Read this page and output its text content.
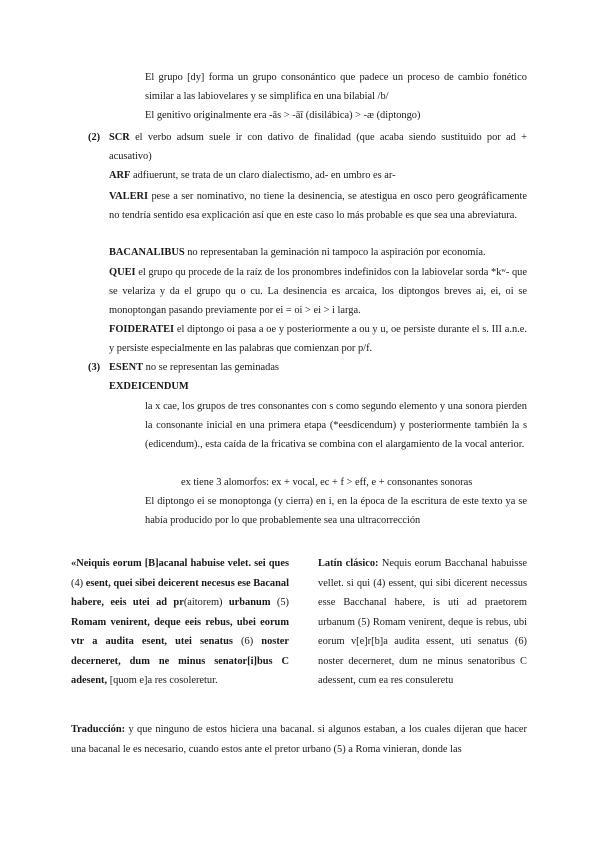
El grupo [dy] forma un grupo consonántico que padece un proceso de cambio fonético similar a las labiovelares y se simplifica en una bilabial /b/

El genitivo originalmente era -ās > -āī (disilábica) > -æ (diptongo)

(2) SCR el verbo adsum suele ir con dativo de finalidad (que acaba siendo sustituido por ad + acusativo)

ARF adfiuerunt, se trata de un claro dialectismo, ad- en umbro es ar-

VALERI pese a ser nominativo, no tiene la desinencia, se atestigua en osco pero geográficamente no tendría sentido esa explicación así que en este caso lo más probable es que sea una abreviatura.

BACANALIBUS no representaban la geminación ni tampoco la aspiración por economía.

QUEI el grupo qu procede de la raíz de los pronombres indefinidos con la labiovelar sorda *kʷ- que se velariza y da el grupo qu o cu. La desinencia es arcaica, los diptongos breves ai, ei, oi se monoptongan pasando previamente por ei = oi > ei > i larga.

FOIDERATEI el diptongo oi pasa a oe y posteriormente a ou y u, oe persiste durante el s. III a.n.e. y persiste especialmente en las palabras que comienzan por p/f.

(3) ESENT no se representan las geminadas

EXDEICENDUM

la x cae, los grupos de tres consonantes con s como segundo elemento y una sonora pierden la consonante inicial en una primera etapa (*eesdicendum) y posteriormente también la s (edicendum)., esta caída de la fricativa se combina con el alargamiento de la vocal anterior.

ex tiene 3 alomorfos: ex + vocal, ec + f > eff, e + consonantes sonoras

El diptongo ei se monoptonga (y cierra) en i, en la época de la escritura de este texto ya se había producido por lo que probablemente sea una ultracorrección

«Neiquis eorum [B]acanal habuise velet. sei ques (4) esent, quei sibei deicerent necesus ese Bacanal habere, eeis utei ad pr(aitorem) urbanum (5) Romam venirent, deque eeis rebus, ubei eorum vtr a audita esent, utei senatus (6) noster decerneret, dum ne minus senator[i]bus C adesent, [quom e]a res cosoleretur.

Latín clásico: Nequis eorum Bacchanal habuisse vellet. si qui (4) essent, qui sibi dicerent necessus esse Bacchanal habere, is uti ad praetorem urbanum (5) Romam venirent, deque is rebus, ubi eorum v[e]r[b]a audita essent, uti senatus (6) noster decerneret, dum ne minus senatoribus C adessent, cum ea res consuleretu

Traducción: y que ninguno de estos hiciera una bacanal. si algunos estaban, a los cuales dijeran que hacer una bacanal le es necesario, cuando estos ante el pretor urbano (5) a Roma vinieran, donde las
